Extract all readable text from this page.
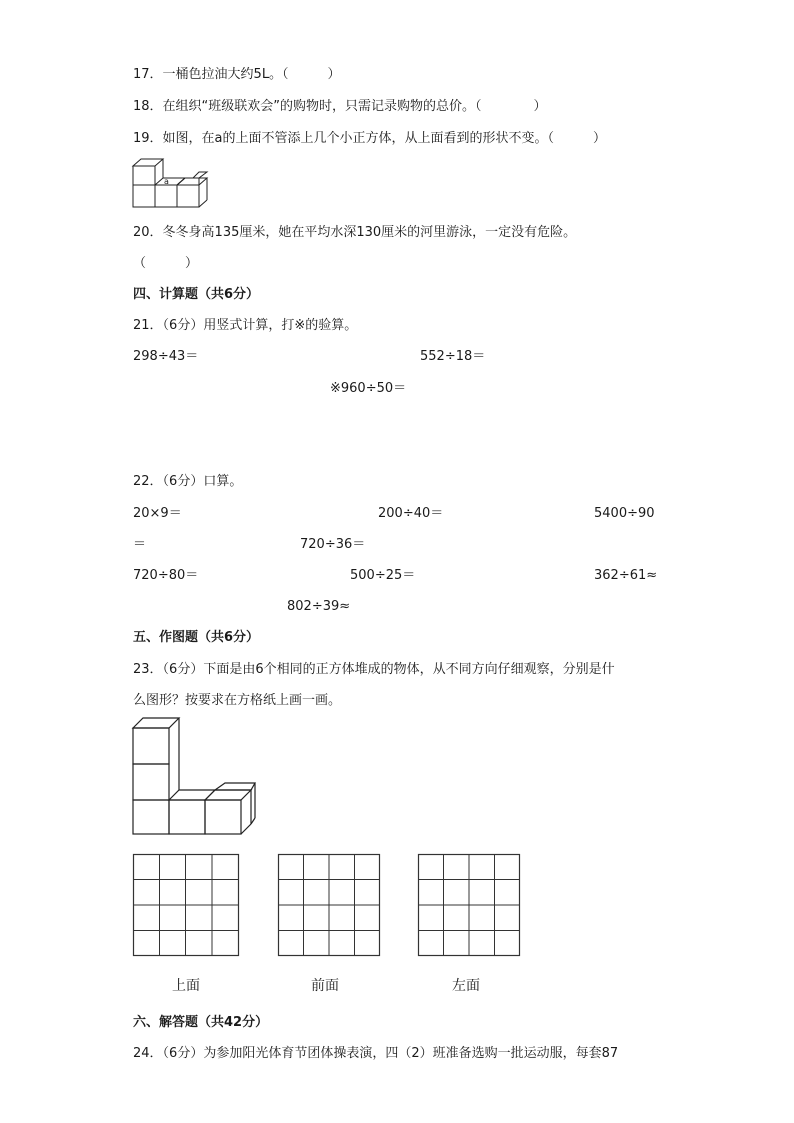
17．一桶色拉油大约5L。（　　　）
18．在组织“班级联欢会”的购物时，只需记录购物的总价。（　　　　）
19．如图，在a的上面不管添上几个小正方体，从上面看到的形状不变。（　　　）
a
20．冬冬身高135厘米，她在平均水深130厘米的河里游泳，一定没有危险。
（　　　）
四、计算题（共6分）
21．（6分）用竖式计算，打※的验算。
298÷43＝	552÷18＝
※960÷50＝
22．（6分）口算。
20×9＝	200÷40＝	5400÷90
＝	720÷36＝
720÷80＝	500÷25＝	362÷61≈
802÷39≈
五、作图题（共6分）
23．（6分）下面是由6个相同的正方体堆成的物体，从不同方向仔细观察，分别是什
么图形？按要求在方格纸上画一画。
上面	前面	左面
六、解答题（共42分）
24．（6分）为参加阳光体育节团体操表演，四（2）班准备选购一批运动服，每套87
